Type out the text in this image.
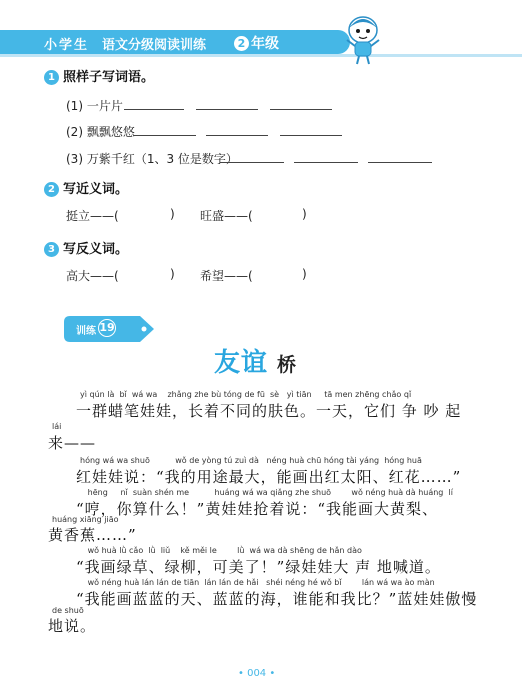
小学生 语文分级阅读训练	2 年级
1 照样子写词语。
(1) 一片片
(2) 飘飘悠悠
(3) 万紫千红（1、3 位是数字）
2 写近义词。
挺立——(	) 旺盛——(	)
3 写反义词。
高大——(	) 希望——(	)
训练 19
友谊 桥
yì qún là  bǐ  wá wa    zhǎng zhe bù tóng de fū  sè   yì tiān     tā men zhēng chǎo qǐ
一群蜡笔娃娃，长着不同的肤色。一天，它们 争 吵 起
lái
来——
hóng wá wa shuō          wǒ de yòng tú zuì dà   néng huà chū hóng tài yáng  hóng huā
红娃娃说：“我的用途最大，能画出红太阳、红花……”
hēng     nǐ  suàn shén me          huáng wá wa qiǎng zhe shuō        wǒ néng huà dà huáng  lí
“哼，你算什么！”黄娃娃抢着说：“我能画大黄梨、
huáng xiāng jiāo
黄香蕉……”
wǒ huà lǜ cǎo  lǜ  liǔ    kě měi le        lǜ  wá wa dà shēng de hǎn dào
“我画绿草、绿柳，可美了！”绿娃娃大 声 地喊道。
wǒ néng huà lán lán de tiān  lán lán de hǎi   shéi néng hé wǒ bǐ        lán wá wa ào màn
“我能画蓝蓝的天、蓝蓝的海，谁能和我比？”蓝娃娃傲慢
de shuō
地说。
• 004 •
